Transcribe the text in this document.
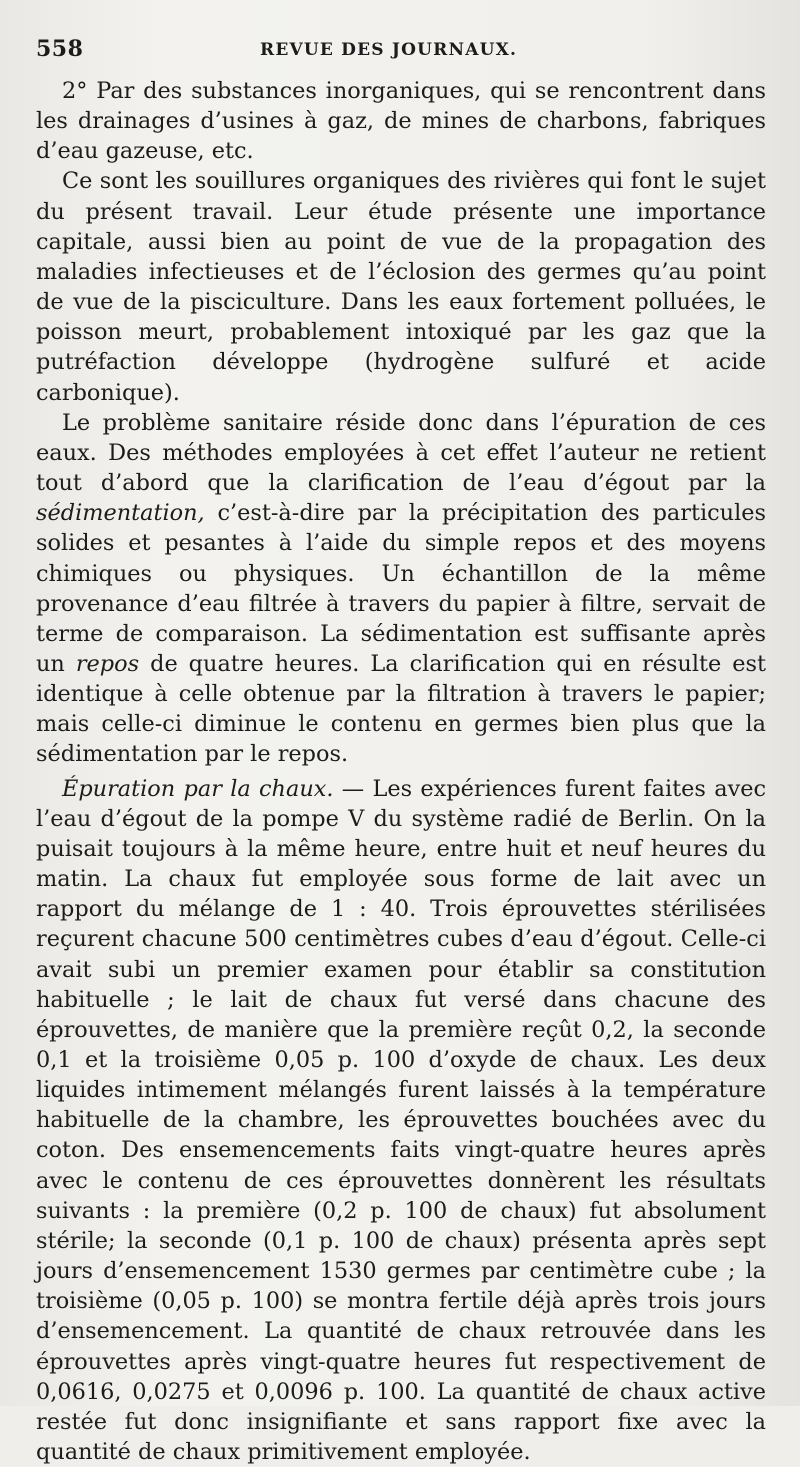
558	REVUE DES JOURNAUX.

2° Par des substances inorganiques, qui se rencontrent dans les drainages d’usines à gaz, de mines de charbons, fabriques d’eau gazeuse, etc.

Ce sont les souillures organiques des rivières qui font le sujet du présent travail. Leur étude présente une importance capitale, aussi bien au point de vue de la propagation des maladies infectieuses et de l’éclosion des germes qu’au point de vue de la pisciculture. Dans les eaux fortement polluées, le poisson meurt, probablement intoxiqué par les gaz que la putréfaction développe (hydrogène sulfuré et acide carbonique).

Le problème sanitaire réside donc dans l’épuration de ces eaux. Des méthodes employées à cet effet l’auteur ne retient tout d’abord que la clarification de l’eau d’égout par la sédimentation, c’est-à-dire par la précipitation des particules solides et pesantes à l’aide du simple repos et des moyens chimiques ou physiques. Un échantillon de la même provenance d’eau filtrée à travers du papier à filtre, servait de terme de comparaison. La sédimentation est suffisante après un repos de quatre heures. La clarification qui en résulte est identique à celle obtenue par la filtration à travers le papier; mais celle-ci diminue le contenu en germes bien plus que la sédimentation par le repos.

Épuration par la chaux. — Les expériences furent faites avec l’eau d’égout de la pompe V du système radié de Berlin. On la puisait toujours à la même heure, entre huit et neuf heures du matin. La chaux fut employée sous forme de lait avec un rapport du mélange de 1 : 40. Trois éprouvettes stérilisées reçurent chacune 500 centimètres cubes d’eau d’égout. Celle-ci avait subi un premier examen pour établir sa constitution habituelle ; le lait de chaux fut versé dans chacune des éprouvettes, de manière que la première reçût 0,2, la seconde 0,1 et la troisième 0,05 p. 100 d’oxyde de chaux. Les deux liquides intimement mélangés furent laissés à la température habituelle de la chambre, les éprouvettes bouchées avec du coton. Des ensemencements faits vingt-quatre heures après avec le contenu de ces éprouvettes donnèrent les résultats suivants : la première (0,2 p. 100 de chaux) fut absolument stérile; la seconde (0,1 p. 100 de chaux) présenta après sept jours d’ensemencement 1530 germes par centimètre cube ; la troisième (0,05 p. 100) se montra fertile déjà après trois jours d’ensemencement. La quantité de chaux retrouvée dans les éprouvettes après vingt-quatre heures fut respectivement de 0,0616, 0,0275 et 0,0096 p. 100. La quantité de chaux active restée fut donc insignifiante et sans rapport fixe avec la quantité de chaux primitivement employée.
